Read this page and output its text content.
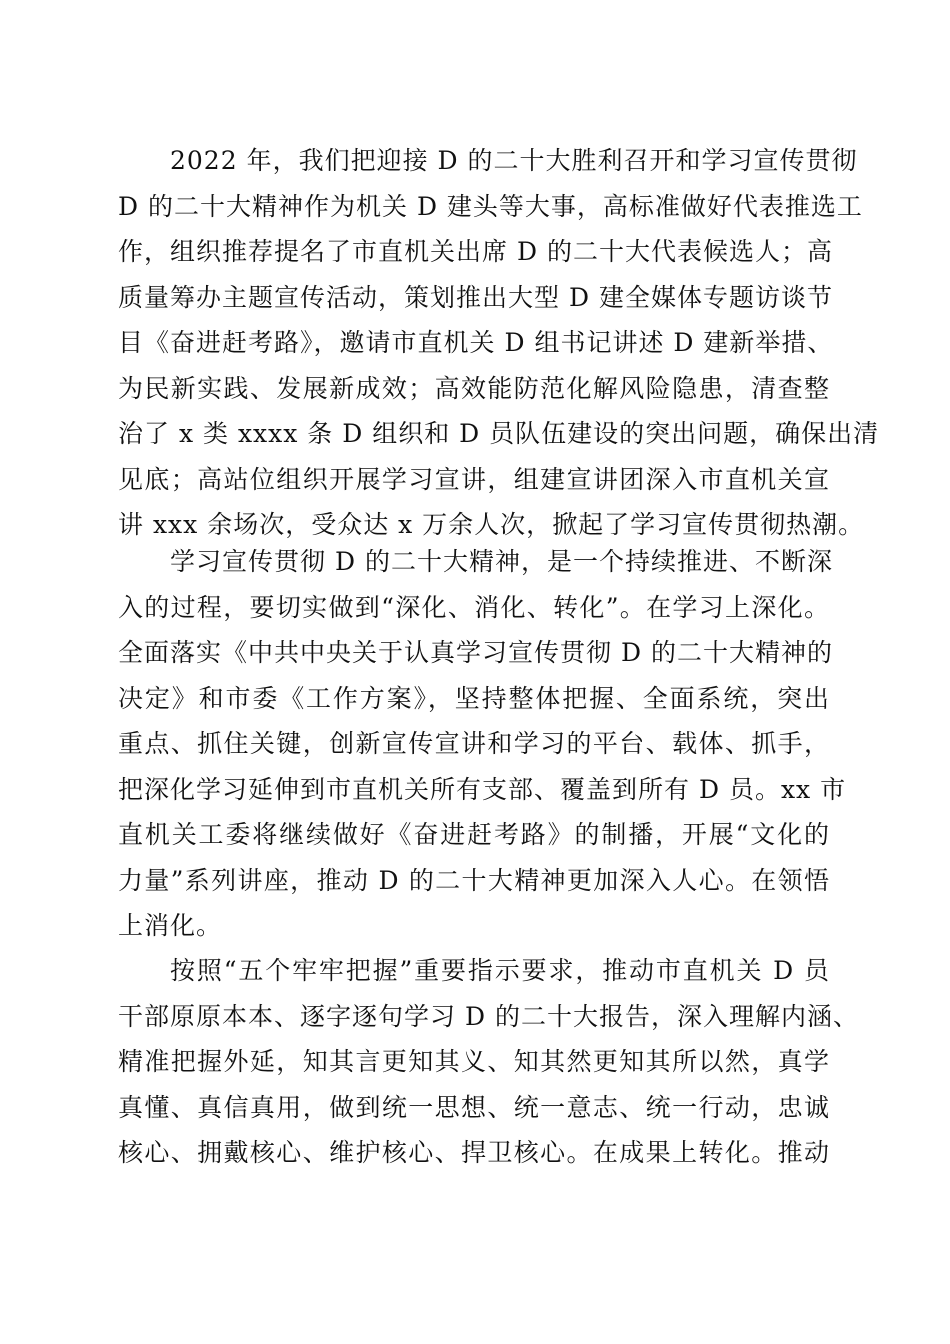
2022 年，我们把迎接 D 的二十大胜利召开和学习宣传贯彻
D 的二十大精神作为机关 D 建头等大事，高标准做好代表推选工
作，组织推荐提名了市直机关出席 D 的二十大代表候选人；高
质量筹办主题宣传活动，策划推出大型 D 建全媒体专题访谈节
目《奋进赶考路》，邀请市直机关 D 组书记讲述 D 建新举措、
为民新实践、发展新成效；高效能防范化解风险隐患，清查整
治了 x 类 xxxx 条 D 组织和 D 员队伍建设的突出问题，确保出清
见底；高站位组织开展学习宣讲，组建宣讲团深入市直机关宣
讲 xxx 余场次，受众达 x 万余人次，掀起了学习宣传贯彻热潮。
学习宣传贯彻 D 的二十大精神，是一个持续推进、不断深
入的过程，要切实做到“深化、消化、转化”。在学习上深化。
全面落实《中共中央关于认真学习宣传贯彻 D 的二十大精神的
决定》和市委《工作方案》，坚持整体把握、全面系统，突出
重点、抓住关键，创新宣传宣讲和学习的平台、载体、抓手，
把深化学习延伸到市直机关所有支部、覆盖到所有 D 员。xx 市
直机关工委将继续做好《奋进赶考路》的制播，开展“文化的
力量”系列讲座，推动 D 的二十大精神更加深入人心。在领悟
上消化。
按照“五个牢牢把握”重要指示要求，推动市直机关 D 员
干部原原本本、逐字逐句学习 D 的二十大报告，深入理解内涵、
精准把握外延，知其言更知其义、知其然更知其所以然，真学
真懂、真信真用，做到统一思想、统一意志、统一行动，忠诚
核心、拥戴核心、维护核心、捍卫核心。在成果上转化。推动
